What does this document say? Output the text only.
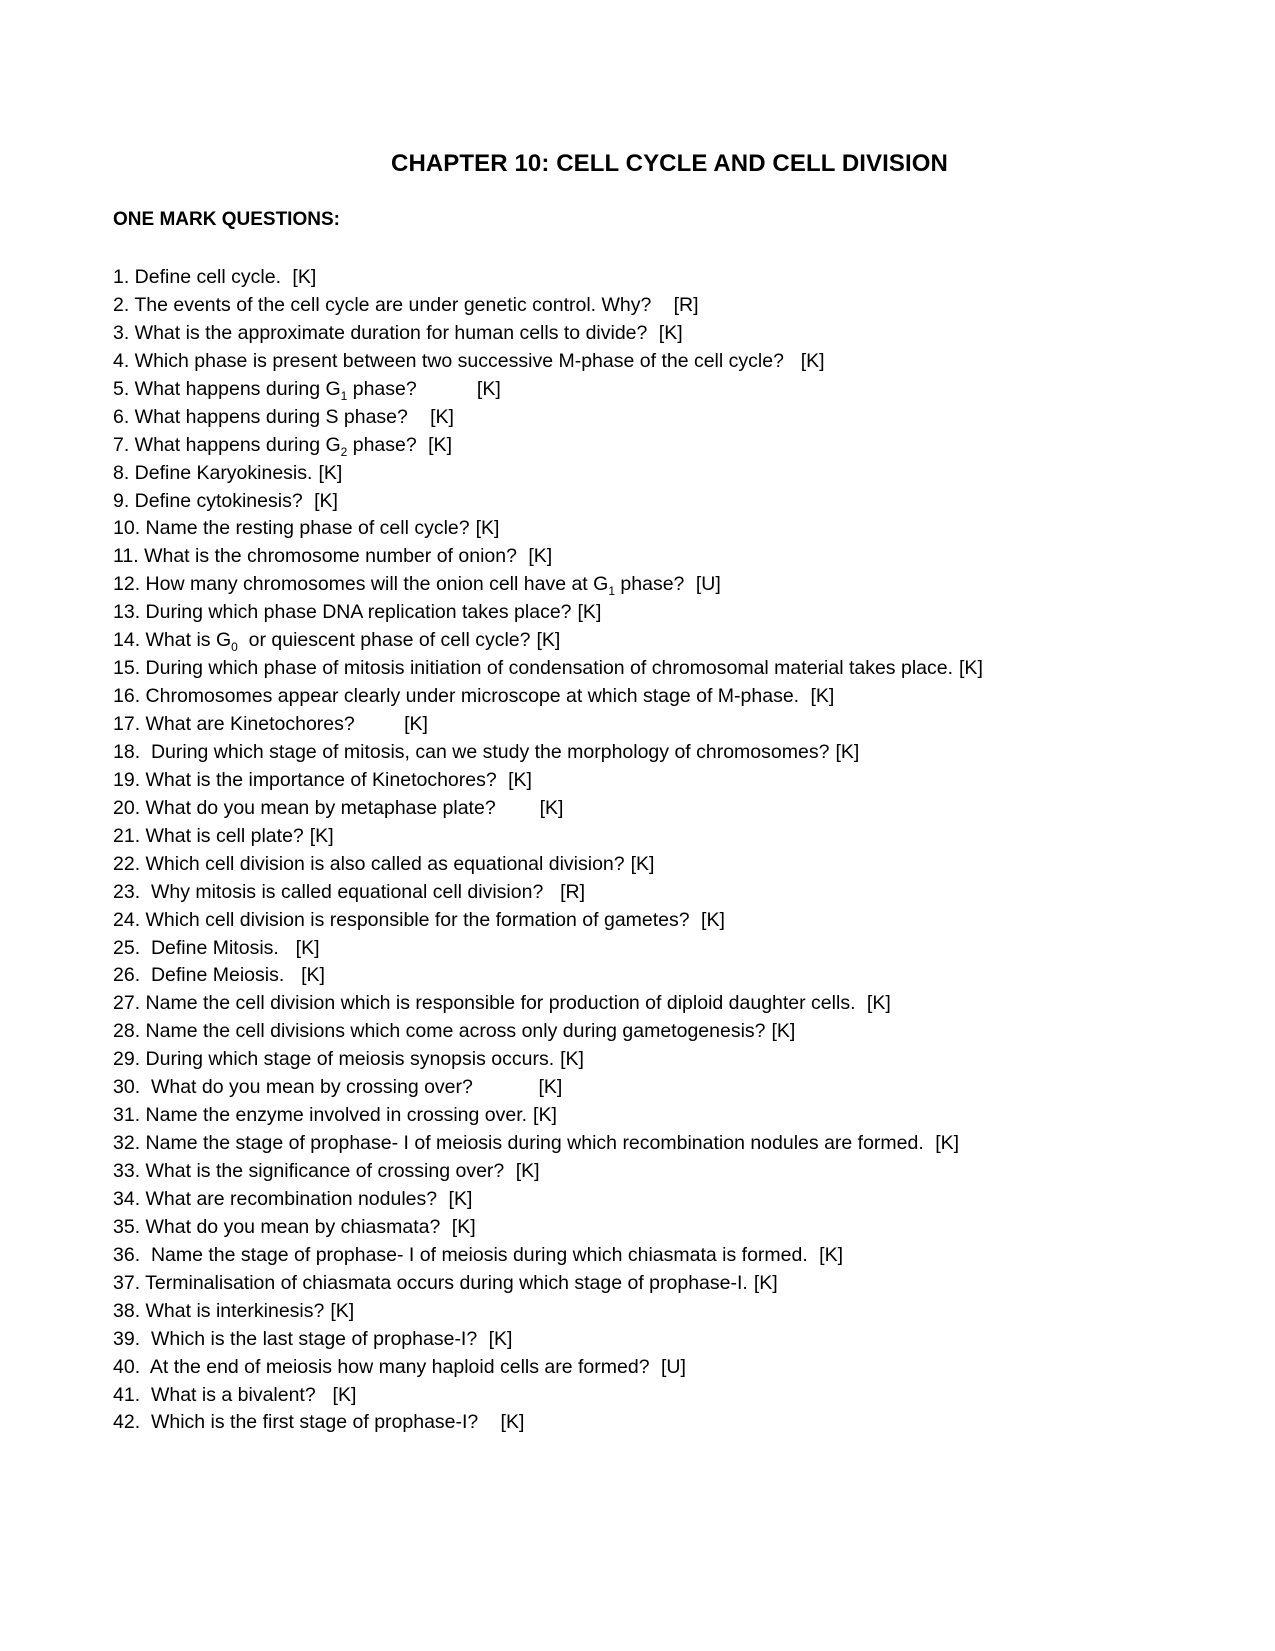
CHAPTER 10: CELL CYCLE AND CELL DIVISION
ONE MARK QUESTIONS:
1. Define cell cycle. [K]
2. The events of the cell cycle are under genetic control. Why?   [R]
3. What is the approximate duration for human cells to divide? [K]
4. Which phase is present between two successive M-phase of the cell cycle?  [K]
5. What happens during $G_1$ phase?          [K]
6. What happens during S phase?   [K]
7. What happens during $G_2$ phase? [K]
8. Define Karyokinesis. [K]
9. Define cytokinesis? [K]
10. Name the resting phase of cell cycle? [K]
11. What is the chromosome number of onion? [K]
12. How many chromosomes will the onion cell have at $G_1$ phase? [U]
13. During which phase DNA replication takes place? [K]
14. What is $G_0$  or quiescent phase of cell cycle? [K]
15. During which phase of mitosis initiation of condensation of chromosomal material takes place. [K]
16. Chromosomes appear clearly under microscope at which stage of M-phase. [K]
17. What are Kinetochores?        [K]
18.  During which stage of mitosis, can we study the morphology of chromosomes? [K]
19. What is the importance of Kinetochores? [K]
20. What do you mean by metaphase plate?       [K]
21. What is cell plate? [K]
22. Which cell division is also called as equational division? [K]
23.  Why mitosis is called equational cell division?  [R]
24. Which cell division is responsible for the formation of gametes? [K]
25.  Define Mitosis.  [K]
26.  Define Meiosis.  [K]
27. Name the cell division which is responsible for production of diploid daughter cells. [K]
28. Name the cell divisions which come across only during gametogenesis? [K]
29. During which stage of meiosis synopsis occurs. [K]
30.  What do you mean by crossing over?           [K]
31. Name the enzyme involved in crossing over. [K]
32. Name the stage of prophase- I of meiosis during which recombination nodules are formed. [K]
33. What is the significance of crossing over? [K]
34. What are recombination nodules? [K]
35. What do you mean by chiasmata? [K]
36.  Name the stage of prophase- I of meiosis during which chiasmata is formed. [K]
37. Terminalisation of chiasmata occurs during which stage of prophase-I. [K]
38. What is interkinesis? [K]
39.  Which is the last stage of prophase-I? [K]
40.  At the end of meiosis how many haploid cells are formed? [U]
41.  What is a bivalent?  [K]
42.  Which is the first stage of prophase-I?   [K]
